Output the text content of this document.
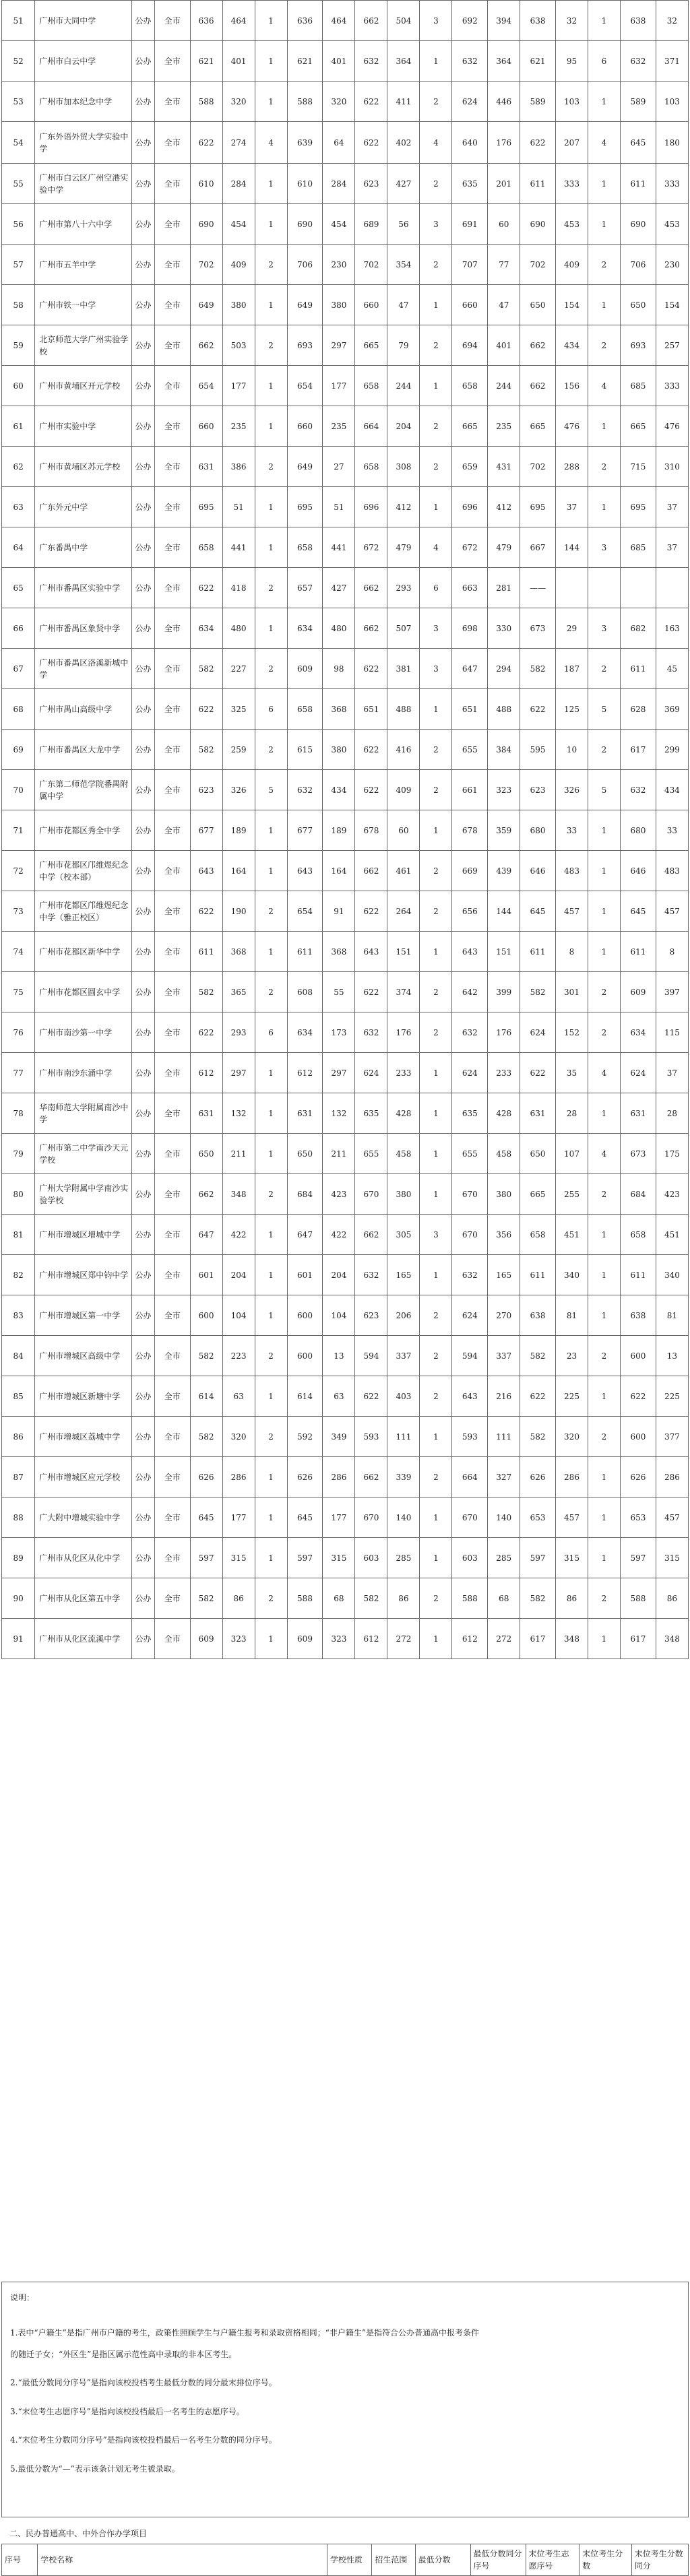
51	广州市大同中学	公办	全市	636	464	1	636	464	662	504	3	692	394	638	32	1	638	32
52	广州市白云中学	公办	全市	621	401	1	621	401	632	364	1	632	364	621	95	6	632	371
53	广州市加本纪念中学	公办	全市	588	320	1	588	320	622	411	2	624	446	589	103	1	589	103
54	广东外语外贸大学实验中学	公办	全市	622	274	4	639	64	622	402	4	640	176	622	207	4	645	180
55	广州市白云区广州空港实验中学	公办	全市	610	284	1	610	284	623	427	2	635	201	611	333	1	611	333
56	广州市第八十六中学	公办	全市	690	454	1	690	454	689	56	3	691	60	690	453	1	690	453
57	广州市五羊中学	公办	全市	702	409	2	706	230	702	354	2	707	77	702	409	2	706	230
58	广州市铁一中学	公办	全市	649	380	1	649	380	660	47	1	660	47	650	154	1	650	154
59	北京师范大学广州实验学校	公办	全市	662	503	2	693	297	665	79	2	694	401	662	434	2	693	257
60	广州市黄埔区开元学校	公办	全市	654	177	1	654	177	658	244	1	658	244	662	156	4	685	333
61	广州市实验中学	公办	全市	660	235	1	660	235	664	204	2	665	235	665	476	1	665	476
62	广州市黄埔区苏元学校	公办	全市	631	386	2	649	27	658	308	2	659	431	702	288	2	715	310
63	广东外元中学	公办	全市	695	51	1	695	51	696	412	1	696	412	695	37	1	695	37
64	广东番禺中学	公办	全市	658	441	1	658	441	672	479	4	672	479	667	144	3	685	37
65	广州市番禺区实验中学	公办	全市	622	418	2	657	427	662	293	6	663	281	——				
66	广州市番禺区象贤中学	公办	全市	634	480	1	634	480	662	507	3	698	330	673	29	3	682	163
67	广州市番禺区洛溪新城中学	公办	全市	582	227	2	609	98	622	381	3	647	294	582	187	2	611	45
68	广州市禺山高级中学	公办	全市	622	325	6	658	368	651	488	1	651	488	622	125	5	628	369
69	广州市番禺区大龙中学	公办	全市	582	259	2	615	380	622	416	2	655	384	595	10	2	617	299
70	广东第二师范学院番禺附属中学	公办	全市	623	326	5	632	434	622	409	2	661	323	623	326	5	632	434
71	广州市花都区秀全中学	公办	全市	677	189	1	677	189	678	60	1	678	359	680	33	1	680	33
72	广州市花都区邝维煜纪念中学（校本部）	公办	全市	643	164	1	643	164	662	461	2	669	439	646	483	1	646	483
73	广州市花都区邝维煜纪念中学（雅正校区）	公办	全市	622	190	2	654	91	622	264	2	656	144	645	457	1	645	457
74	广州市花都区新华中学	公办	全市	611	368	1	611	368	643	151	1	643	151	611	8	1	611	8
75	广州市花都区圆玄中学	公办	全市	582	365	2	608	55	622	374	2	642	399	582	301	2	609	397
76	广州市南沙第一中学	公办	全市	622	293	6	634	173	632	176	2	632	176	624	152	2	634	115
77	广州市南沙东涌中学	公办	全市	612	297	1	612	297	624	233	1	624	233	622	35	4	624	37
78	华南师范大学附属南沙中学	公办	全市	631	132	1	631	132	635	428	1	635	428	631	28	1	631	28
79	广州市第二中学南沙天元学校	公办	全市	650	211	1	650	211	655	458	1	655	458	650	107	4	673	175
80	广州大学附属中学南沙实验学校	公办	全市	662	348	2	684	423	670	380	1	670	380	665	255	2	684	423
81	广州市增城区增城中学	公办	全市	647	422	1	647	422	662	305	3	670	356	658	451	1	658	451
82	广州市增城区郑中钧中学	公办	全市	601	204	1	601	204	632	165	1	632	165	611	340	1	611	340
83	广州市增城区第一中学	公办	全市	600	104	1	600	104	623	206	2	624	270	638	81	1	638	81
84	广州市增城区高级中学	公办	全市	582	223	2	600	13	594	337	2	594	337	582	23	2	600	13
85	广州市增城区新塘中学	公办	全市	614	63	1	614	63	622	403	2	643	216	622	225	1	622	225
86	广州市增城区荔城中学	公办	全市	582	320	2	592	349	593	111	1	593	111	582	320	2	600	377
87	广州市增城区应元学校	公办	全市	626	286	1	626	286	662	339	2	664	327	626	286	1	626	286
88	广大附中增城实验中学	公办	全市	645	177	1	645	177	670	140	1	670	140	653	457	1	653	457
89	广州市从化区从化中学	公办	全市	597	315	1	597	315	603	285	1	603	285	597	315	1	597	315
90	广州市从化区第五中学	公办	全市	582	86	2	588	68	582	86	2	588	68	582	86	2	588	86
91	广州市从化区流溪中学	公办	全市	609	323	1	609	323	612	272	1	612	272	617	348	1	617	348

说明：

1.表中“户籍生”是指广州市户籍的考生，政策性照顾学生与户籍生报考和录取资格相同；“非户籍生”是指符合公办普通高中报考条件

的随迁子女；“外区生”是指区属示范性高中录取的非本区考生。

2.“最低分数同分序号”是指向该校投档考生最低分数的同分最末排位序号。

3.“末位考生志愿序号”是指向该校投档最后一名考生的志愿序号。

4.“末位考生分数同分序号”是指向该校投档最后一名考生分数的同分序号。

5.最低分数为“—”表示该条计划无考生被录取。

二、民办普通高中、中外合作办学项目
序号	学校名称	学校性质	招生范围	最低分数	最低分数同分序号	末位考生志愿序号	末位考生分数	末位考生分数同分
